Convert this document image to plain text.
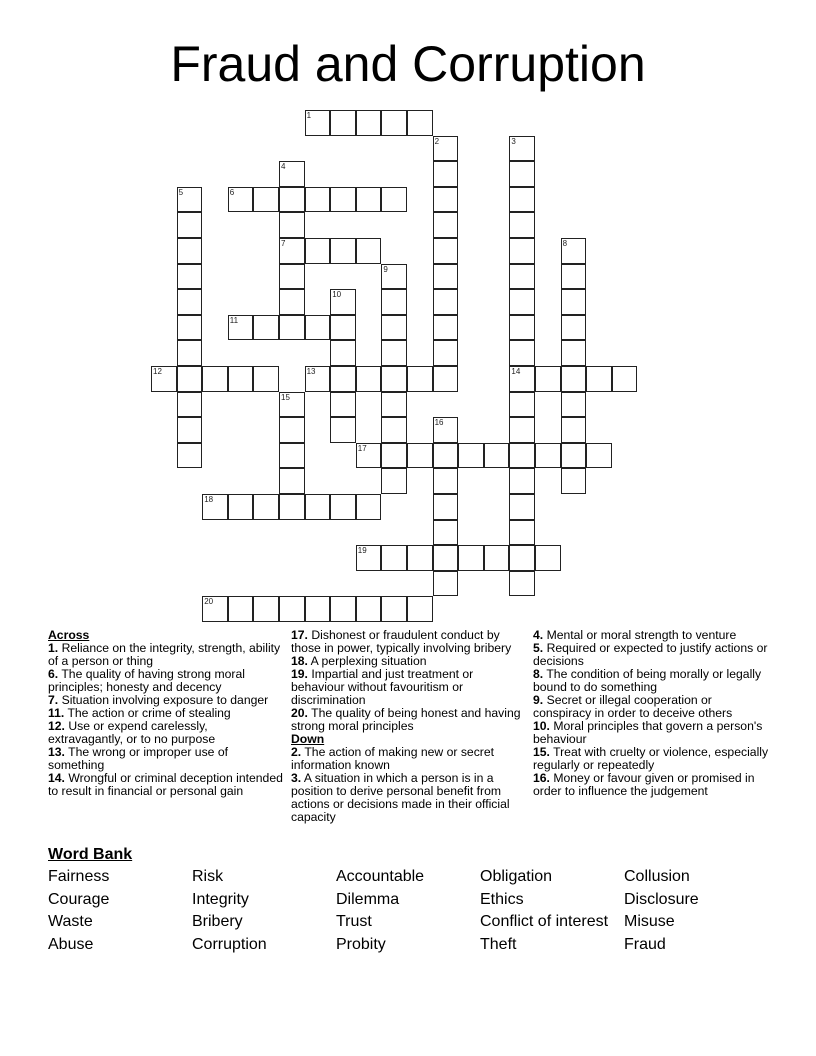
Fraud and Corruption
1
2	3
14
4
7
5	6
8
9
10
11
12	13
15
16
17
18
19
20
Across
1. Reliance on the integrity, strength, ability of a person or thing
6. The quality of having strong moral principles; honesty and decency
7. Situation involving exposure to danger
11. The action or crime of stealing
12. Use or expend carelessly, extravagantly, or to no purpose
13. The wrong or improper use of something
14. Wrongful or criminal deception intended to result in financial or personal gain
17. Dishonest or fraudulent conduct by those in power, typically involving bribery
18. A perplexing situation
19. Impartial and just treatment or behaviour without favouritism or discrimination
20. The quality of being honest and having strong moral principles
Down
2. The action of making new or secret information known
3. A situation in which a person is in a position to derive personal benefit from actions or decisions made in their official capacity
4. Mental or moral strength to venture
5. Required or expected to justify actions or decisions
8. The condition of being morally or legally bound to do something
9. Secret or illegal cooperation or conspiracy in order to deceive others
10. Moral principles that govern a person's behaviour
15. Treat with cruelty or violence, especially regularly or repeatedly
16. Money or favour given or promised in order to influence the judgement
Word Bank
Fairness	Risk	Accountable	Obligation	Collusion
Courage	Integrity	Dilemma	Ethics	Disclosure
Waste	Bribery	Trust	Conflict of interest Misuse
Abuse	Corruption	Probity	Theft	Fraud
